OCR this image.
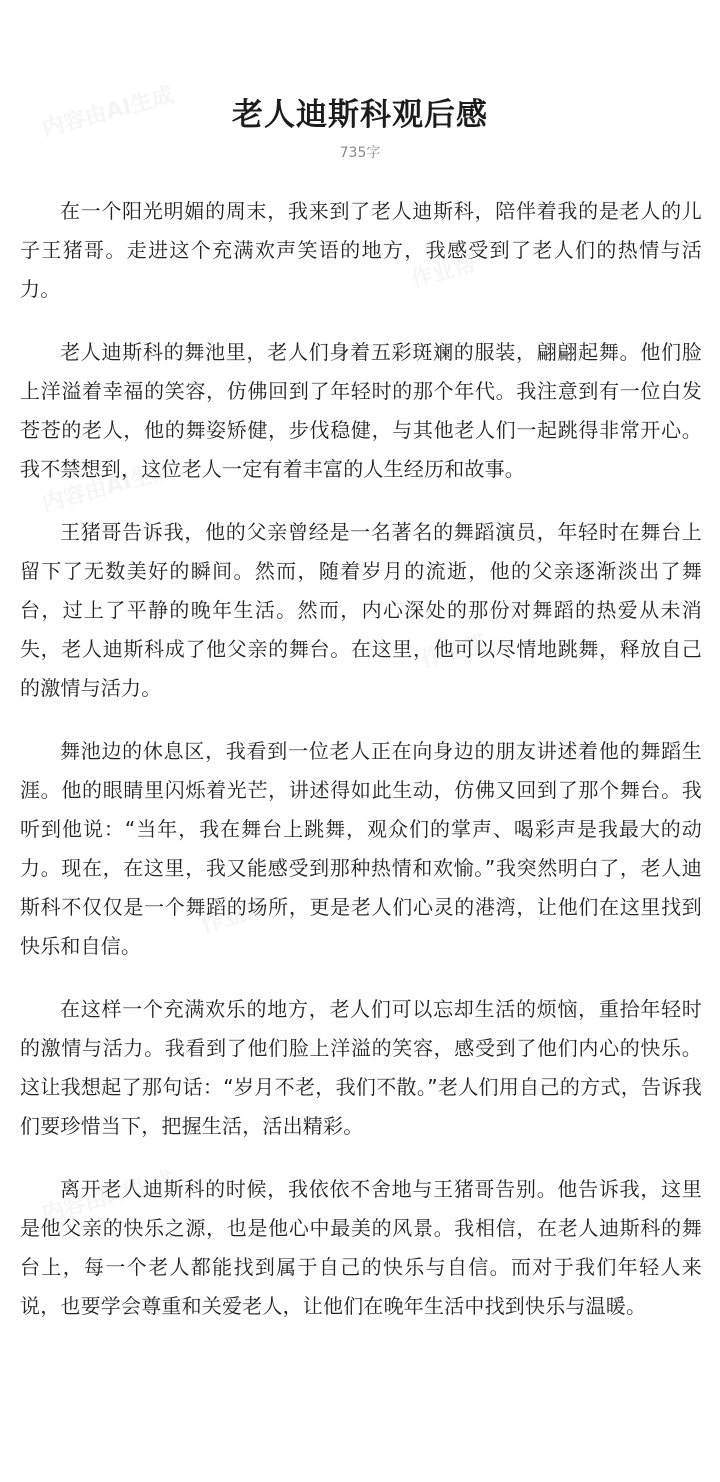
老人迪斯科观后感
735字

在一个阳光明媚的周末，我来到了老人迪斯科，陪伴着我的是老人的儿子王猪哥。走进这个充满欢声笑语的地方，我感受到了老人们的热情与活力。

老人迪斯科的舞池里，老人们身着五彩斑斓的服装，翩翩起舞。他们脸上洋溢着幸福的笑容，仿佛回到了年轻时的那个年代。我注意到有一位白发苍苍的老人，他的舞姿矫健，步伐稳健，与其他老人们一起跳得非常开心。我不禁想到，这位老人一定有着丰富的人生经历和故事。

王猪哥告诉我，他的父亲曾经是一名著名的舞蹈演员，年轻时在舞台上留下了无数美好的瞬间。然而，随着岁月的流逝，他的父亲逐渐淡出了舞台，过上了平静的晚年生活。然而，内心深处的那份对舞蹈的热爱从未消失，老人迪斯科成了他父亲的舞台。在这里，他可以尽情地跳舞，释放自己的激情与活力。

舞池边的休息区，我看到一位老人正在向身边的朋友讲述着他的舞蹈生涯。他的眼睛里闪烁着光芒，讲述得如此生动，仿佛又回到了那个舞台。我听到他说：“当年，我在舞台上跳舞，观众们的掌声、喝彩声是我最大的动力。现在，在这里，我又能感受到那种热情和欢愉。”我突然明白了，老人迪斯科不仅仅是一个舞蹈的场所，更是老人们心灵的港湾，让他们在这里找到快乐和自信。

在这样一个充满欢乐的地方，老人们可以忘却生活的烦恼，重拾年轻时的激情与活力。我看到了他们脸上洋溢的笑容，感受到了他们内心的快乐。这让我想起了那句话：“岁月不老，我们不散。”老人们用自己的方式，告诉我们要珍惜当下，把握生活，活出精彩。

离开老人迪斯科的时候，我依依不舍地与王猪哥告别。他告诉我，这里是他父亲的快乐之源，也是他心中最美的风景。我相信，在老人迪斯科的舞台上，每一个老人都能找到属于自己的快乐与自信。而对于我们年轻人来说，也要学会尊重和关爱老人，让他们在晚年生活中找到快乐与温暖。
